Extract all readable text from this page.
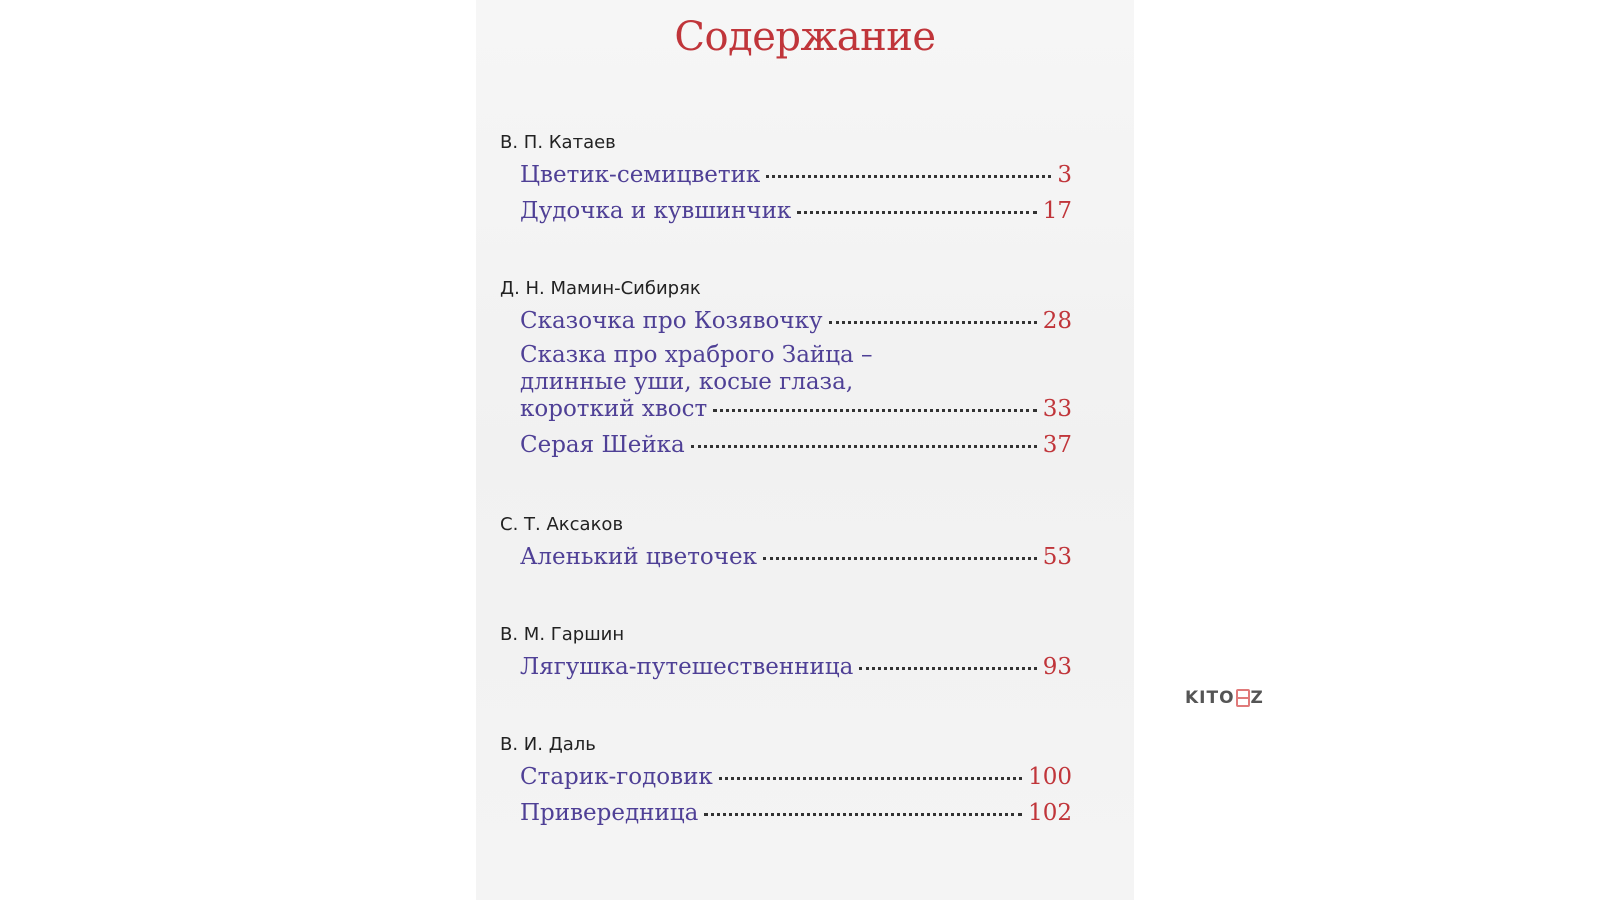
Содержание
В. П. Катаев
Цветик-семицветик	3
Дудочка и кувшинчик	17
Д. Н. Мамин-Сибиряк
Сказочка про Козявочку	28
Сказка про храброго Зайца –
длинные уши, косые глаза,
короткий хвост	33
Серая Шейка	37
С. Т. Аксаков
Аленький цветочек	53
В. М. Гаршин
Лягушка-путешественница	93
В. И. Даль
Старик-годовик	100
Привередница	102
KITO Z
